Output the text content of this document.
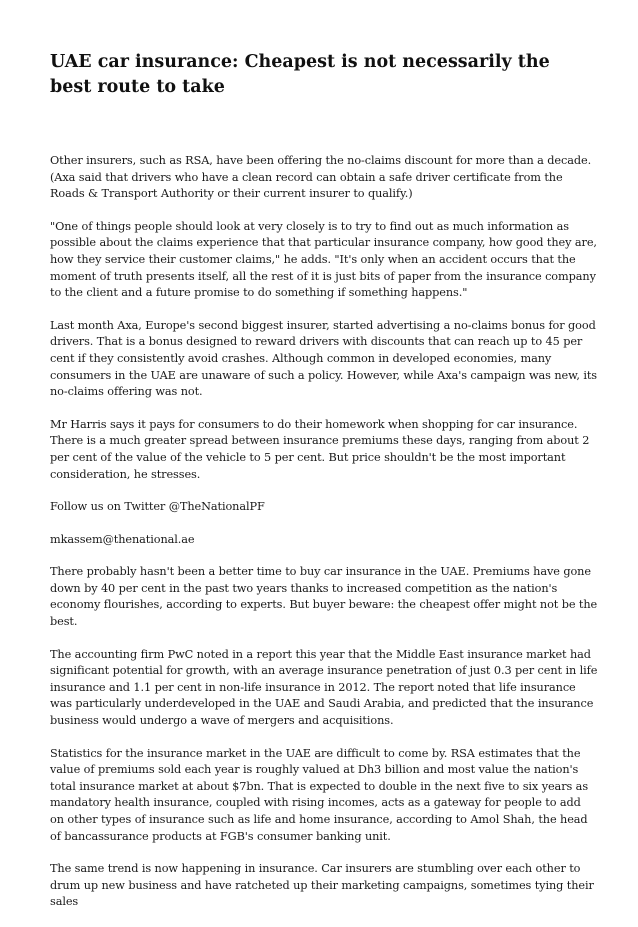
UAE car insurance: Cheapest is not necessarily the best route to take

Other insurers, such as RSA, have been offering the no-claims discount for more than a decade. (Axa said that drivers who have a clean record can obtain a safe driver certificate from the Roads & Transport Authority or their current insurer to qualify.)

"One of things people should look at very closely is to try to find out as much information as possible about the claims experience that that particular insurance company, how good they are, how they service their customer claims," he adds. "It's only when an accident occurs that the moment of truth presents itself, all the rest of it is just bits of paper from the insurance company to the client and a future promise to do something if something happens."

Last month Axa, Europe's second biggest insurer, started advertising a no-claims bonus for good drivers. That is a bonus designed to reward drivers with discounts that can reach up to 45 per cent if they consistently avoid crashes. Although common in developed economies, many consumers in the UAE are unaware of such a policy. However, while Axa's campaign was new, its no-claims offering was not.

Mr Harris says it pays for consumers to do their homework when shopping for car insurance. There is a much greater spread between insurance premiums these days, ranging from about 2 per cent of the value of the vehicle to 5 per cent. But price shouldn't be the most important consideration, he stresses.

Follow us on Twitter @TheNationalPF

mkassem@thenational.ae

There probably hasn't been a better time to buy car insurance in the UAE. Premiums have gone down by 40 per cent in the past two years thanks to increased competition as the nation's economy flourishes, according to experts. But buyer beware: the cheapest offer might not be the best.

The accounting firm PwC noted in a report this year that the Middle East insurance market had significant potential for growth, with an average insurance penetration of just 0.3 per cent in life insurance and 1.1 per cent in non-life insurance in 2012. The report noted that life insurance was particularly underdeveloped in the UAE and Saudi Arabia, and predicted that the insurance business would undergo a wave of mergers and acquisitions.

Statistics for the insurance market in the UAE are difficult to come by. RSA estimates that the value of premiums sold each year is roughly valued at Dh3 billion and most value the nation's total insurance market at about $7bn. That is expected to double in the next five to six years as mandatory health insurance, coupled with rising incomes, acts as a gateway for people to add on other types of insurance such as life and home insurance, according to Amol Shah, the head of bancassurance products at FGB's consumer banking unit.

The same trend is now happening in insurance. Car insurers are stumbling over each other to drum up new business and have ratcheted up their marketing campaigns, sometimes tying their sales
